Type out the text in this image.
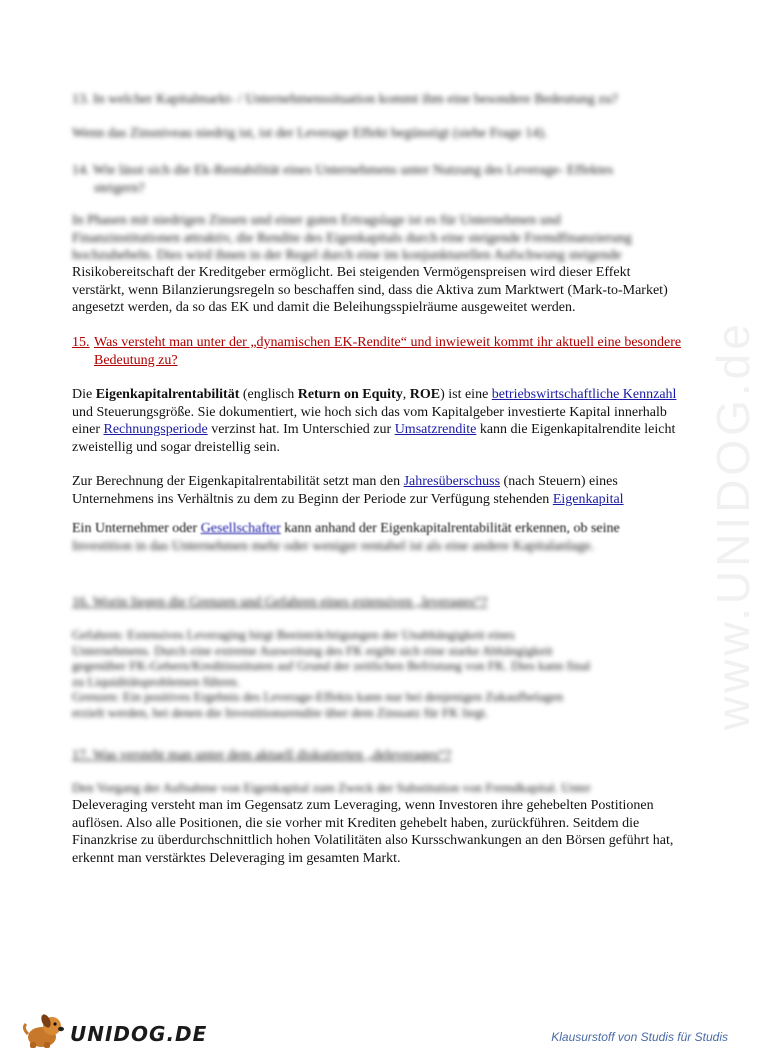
www.UNIDOG.de
13. In welcher Kapitalmarkt- / Unternehmenssituation kommt ihm eine besondere Bedeutung zu?
Wenn das Zinsniveau niedrig ist, ist der Leverage Effekt begünstigt (siehe Frage 14).
14. Wie lässt sich die Ek-Rentabilität eines Unternehmens unter Nutzung des Leverage- Effektes
steigern?
In Phasen mit niedrigen Zinsen und einer guten Ertragslage ist es für Unternehmen und
Finanzinstitutionen attraktiv, die Rendite des Eigenkapitals durch eine steigende Fremdfinanzierung
hochzuhebeln. Dies wird ihnen in der Regel durch eine im konjunkturellen Aufschwung steigende
Risikobereitschaft der Kreditgeber ermöglicht. Bei steigenden Vermögenspreisen wird dieser Effekt verstärkt, wenn Bilanzierungsregeln so beschaffen sind, dass die Aktiva zum Marktwert (Mark-to-Market) angesetzt werden, da so das EK und damit die Beleihungsspielräume ausgeweitet werden.
15. Was versteht man unter der „dynamischen EK-Rendite“ und inwieweit kommt ihr aktuell eine besondere Bedeutung zu?
Die Eigenkapitalrentabilität (englisch Return on Equity, ROE) ist eine betriebswirtschaftliche Kennzahl und Steuerungsgröße. Sie dokumentiert, wie hoch sich das vom Kapitalgeber investierte Kapital innerhalb einer Rechnungsperiode verzinst hat. Im Unterschied zur Umsatzrendite kann die Eigenkapitalrendite leicht zweistellig und sogar dreistellig sein.
Zur Berechnung der Eigenkapitalrentabilität setzt man den Jahresüberschuss (nach Steuern) eines Unternehmens ins Verhältnis zu dem zu Beginn der Periode zur Verfügung stehenden Eigenkapital
Ein Unternehmer oder Gesellschafter kann anhand der Eigenkapitalrentabilität erkennen, ob seine
Investition in das Unternehmen mehr oder weniger rentabel ist als eine andere Kapitalanlage.
16. Worin liegen die Grenzen und Gefahren eines extensiven „leverages“?
Gefahren: Extensives Leveraging birgt Beeinträchtigungen der Unabhängigkeit eines
Unternehmens. Durch eine extreme Ausweitung des FK ergibt sich eine starke Abhängigkeit
gegenüber FK-Gebern/Kreditinstituten auf Grund der zeitlichen Befristung von FK. Dies kann final
zu Liquiditätsproblemen führen.
Grenzen: Ein positives Ergebnis des Leverage-Effekts kann nur bei denjenigen Zukaufbelagen
erzielt werden, bei denen die Investitionsrendite über dem Zinssatz für FK liegt.
17. Was versteht man unter dem aktuell diskutierten „deleverages“?
Den Vorgang der Aufnahme von Eigenkapital zum Zweck der Substitution von Fremdkapital. Unter
Deleveraging versteht man im Gegensatz zum Leveraging, wenn Investoren ihre gehebelten Postitionen auflösen. Also alle Positionen, die sie vorher mit Krediten gehebelt haben, zurückführen. Seitdem die Finanzkrise zu überdurchschnittlich hohen Volatilitäten also Kursschwankungen an den Börsen geführt hat, erkennt man verstärktes Deleveraging im gesamten Markt.
UNIDOG.DE	Klausurstoff von Studis für Studis
